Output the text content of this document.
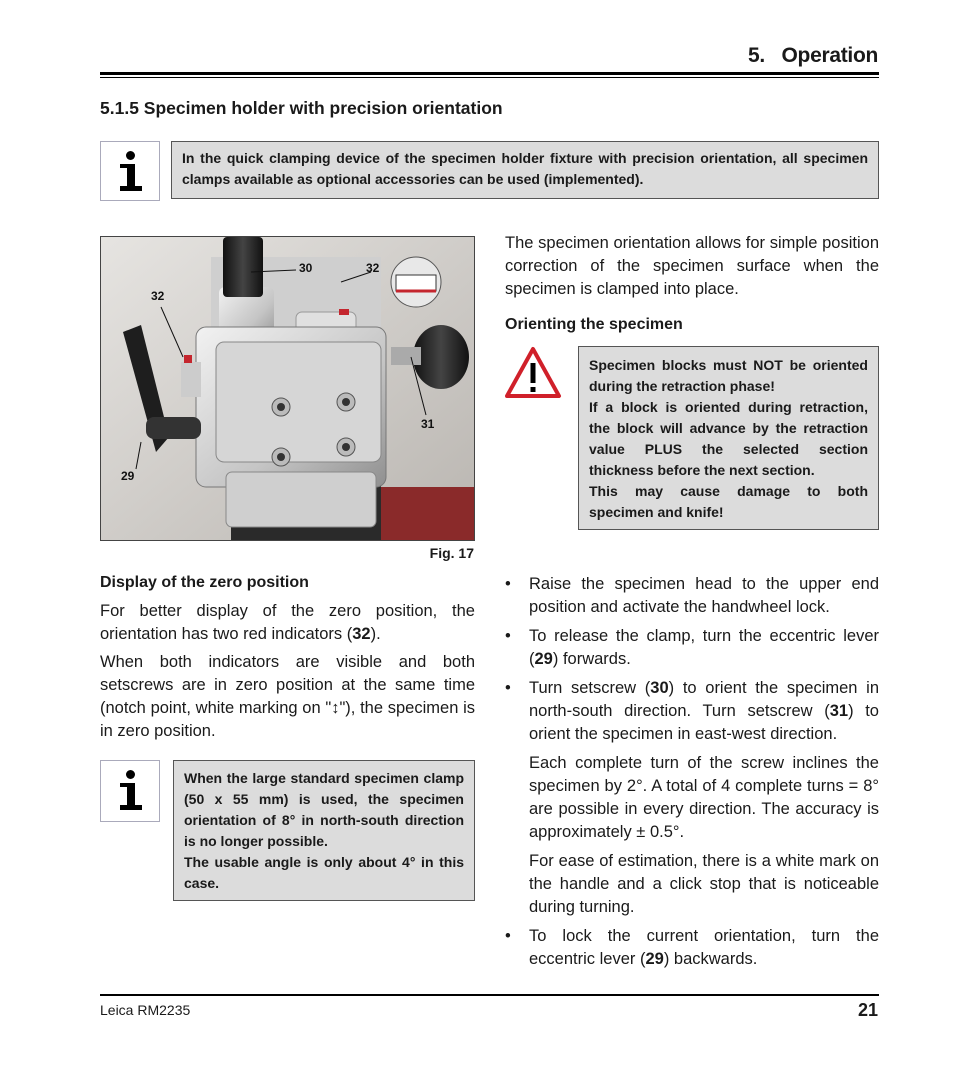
5.   Operation
5.1.5 Specimen holder with precision orientation

In the quick clamping device of the specimen holder fixture with precision orientation, all specimen clamps available as optional accessories can be used (implemented).

30	32
32
31
29
Fig. 17

The specimen orientation allows for simple position correction of the specimen surface when the specimen is clamped into place.

Orienting the specimen

Specimen blocks must NOT be oriented during the retraction phase!

If a block is oriented during retraction, the block will advance by the retraction value PLUS the selected section thickness before the next section.

This may cause damage to both specimen and knife!

Display of the zero position

For better display of the zero position, the orientation has two red indicators (32).

When both indicators are visible and both setscrews are in zero position at the same time (notch point, white marking on "↕"), the specimen is in zero position.

When the large standard specimen clamp (50 x 55 mm) is used, the specimen orientation of 8° in north-south direction is no longer possible.

The usable angle is only about 4° in this case.

• Raise the specimen head to the upper end position and activate the handwheel lock.
• To release the clamp, turn the eccentric lever (29) forwards.
• Turn setscrew (30) to orient the specimen in north-south direction. Turn setscrew (31) to orient the specimen in east-west direction.
Each complete turn of the screw inclines the specimen by 2°. A total of 4 complete turns = 8° are possible in every direction. The accuracy is approximately ± 0.5°.
For ease of estimation, there is a white mark on the handle and a click stop that is noticeable during turning.
• To lock the current orientation, turn the eccentric lever (29) backwards.
Leica RM2235	21
